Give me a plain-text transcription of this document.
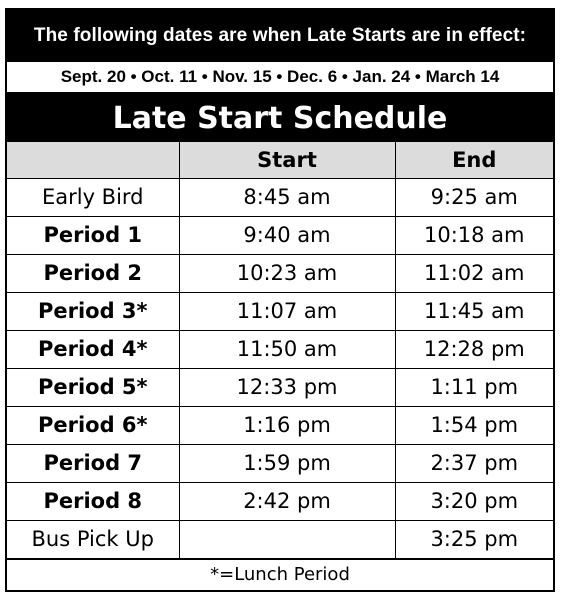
The following dates are when Late Starts are in effect:
Sept. 20 • Oct. 11 • Nov. 15 • Dec. 6 • Jan. 24 • March 14
Late Start Schedule
	Start	End
Early Bird	8:45 am	9:25 am
Period 1	9:40 am	10:18 am
Period 2	10:23 am	11:02 am
Period 3*	11:07 am	11:45 am
Period 4*	11:50 am	12:28 pm
Period 5*	12:33 pm	1:11 pm
Period 6*	1:16 pm	1:54 pm
Period 7	1:59 pm	2:37 pm
Period 8	2:42 pm	3:20 pm
Bus Pick Up		3:25 pm
*=Lunch Period
